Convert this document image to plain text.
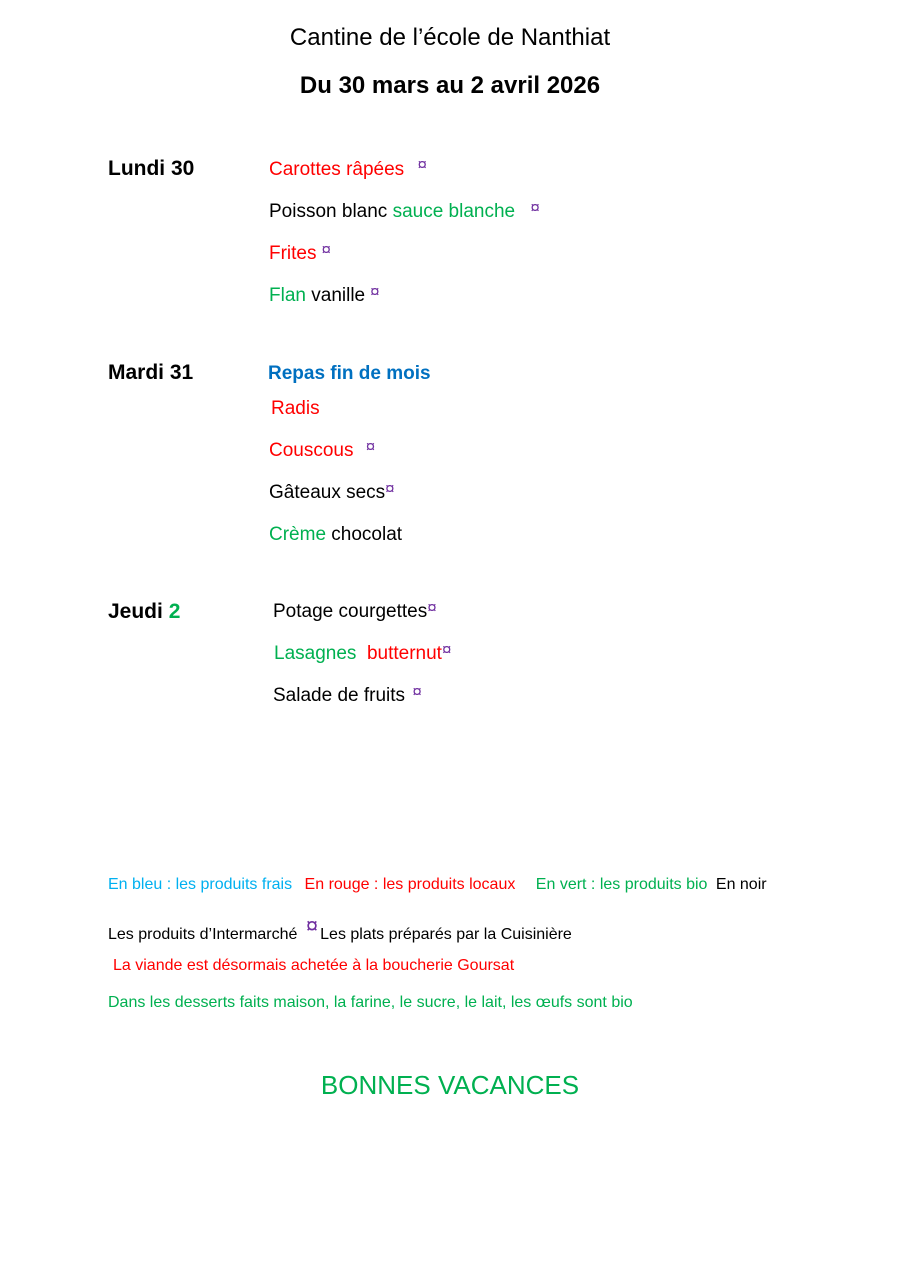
Cantine de l’école de Nanthiat
Du 30 mars au 2 avril 2026
Lundi 30	Carottes râpées ¤
Poisson blanc sauce blanche ¤
Frites ¤
Flan vanille ¤
Mardi 31	Repas fin de mois
Radis
Couscous ¤
Gâteaux secs¤
Crème chocolat
Jeudi 2	Potage courgettes¤
Lasagnes  butternut¤
Salade de fruits ¤
En bleu : les produits frais En rouge : les produits locaux En vert : les produits bio En noir
Les produits d’Intermarché ¤ Les plats préparés par la Cuisinière
La viande est désormais achetée à la boucherie Goursat
Dans les desserts faits maison, la farine, le sucre, le lait, les œufs sont bio
BONNES VACANCES
